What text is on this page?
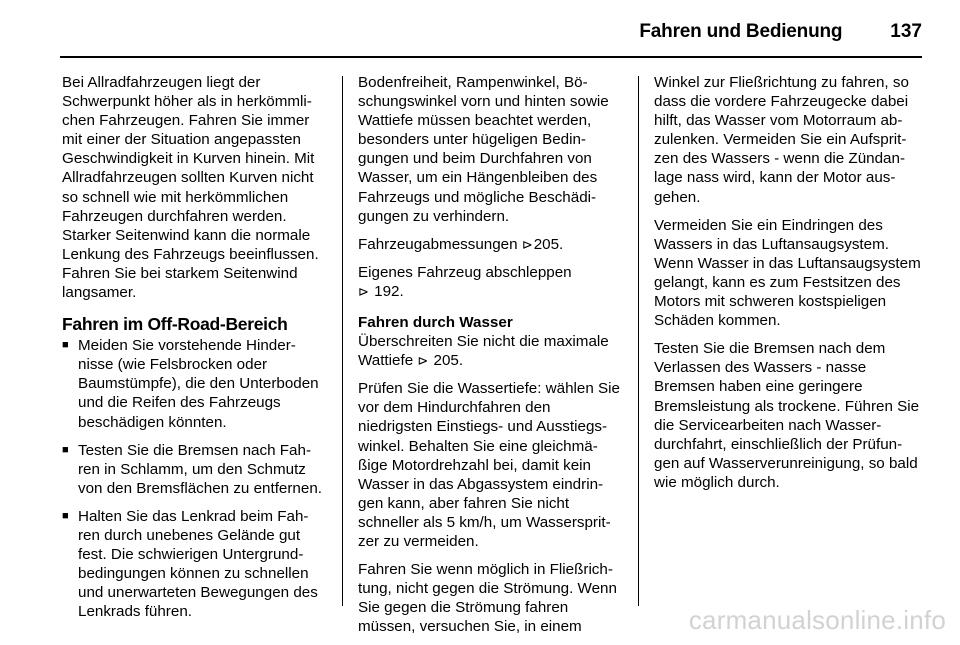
Fahren und Bedienung	137

Bei Allradfahrzeugen liegt der Schwerpunkt höher als in herkömmlichen Fahrzeugen. Fahren Sie immer mit einer der Situation angepassten Geschwindigkeit in Kurven hinein. Mit Allradfahrzeugen sollten Kurven nicht so schnell wie mit herkömmlichen Fahrzeugen durchfahren werden. Starker Seitenwind kann die normale Lenkung des Fahrzeugs beeinflussen. Fahren Sie bei starkem Seitenwind langsamer.

Fahren im Off-Road-Bereich
■ Meiden Sie vorstehende Hindernisse (wie Felsbrocken oder Baumstümpfe), die den Unterboden und die Reifen des Fahrzeugs beschädigen könnten.
■ Testen Sie die Bremsen nach Fahren in Schlamm, um den Schmutz von den Bremsflächen zu entfernen.
■ Halten Sie das Lenkrad beim Fahren durch unebenes Gelände gut fest. Die schwierigen Untergrundbedingungen können zu schnellen und unerwarteten Bewegungen des Lenkrads führen.

Bodenfreiheit, Rampenwinkel, Böschungswinkel vorn und hinten sowie Wattiefe müssen beachtet werden, besonders unter hügeligen Bedingungen und beim Durchfahren von Wasser, um ein Hängenbleiben des Fahrzeugs und mögliche Beschädigungen zu verhindern.

Fahrzeugabmessungen ⊳205.

Eigenes Fahrzeug abschleppen
⊳ 192.

Fahren durch Wasser

Überschreiten Sie nicht die maximale Wattiefe ⊳ 205.

Prüfen Sie die Wassertiefe: wählen Sie vor dem Hindurchfahren den niedrigsten Einstiegs- und Ausstiegswinkel. Behalten Sie eine gleichmäßige Motordrehzahl bei, damit kein Wasser in das Abgassystem eindringen kann, aber fahren Sie nicht schneller als 5 km/h, um Wasserspritzer zu vermeiden.

Fahren Sie wenn möglich in Fließrichtung, nicht gegen die Strömung. Wenn Sie gegen die Strömung fahren müssen, versuchen Sie, in einem

Winkel zur Fließrichtung zu fahren, so dass die vordere Fahrzeugecke dabei hilft, das Wasser vom Motorraum abzulenken. Vermeiden Sie ein Aufspritzen des Wassers - wenn die Zündanlage nass wird, kann der Motor ausgehen.

Vermeiden Sie ein Eindringen des Wassers in das Luftansaugsystem. Wenn Wasser in das Luftansaugsystem gelangt, kann es zum Festsitzen des Motors mit schweren kostspieligen Schäden kommen.

Testen Sie die Bremsen nach dem Verlassen des Wassers - nasse Bremsen haben eine geringere Bremsleistung als trockene. Führen Sie die Servicearbeiten nach Wasserdurchfahrt, einschließlich der Prüfungen auf Wasserverunreinigung, so bald wie möglich durch.

carmanualsonline.info
